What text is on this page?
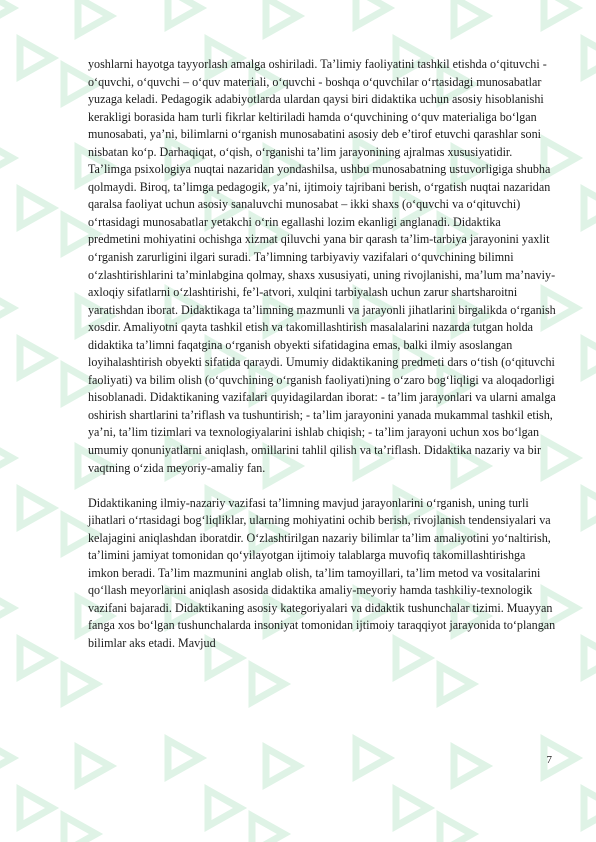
yoshlarni hayotga tayyorlash amalga oshiriladi. Ta’limiy faoliyatini tashkil etishda o‘qituvchi - o‘quvchi, o‘quvchi – o‘quv materiali, o‘quvchi - boshqa o‘quvchilar o‘rtasidagi munosabatlar yuzaga keladi. Pedagogik adabiyotlarda ulardan qaysi biri didaktika uchun asosiy hisoblanishi kerakligi borasida ham turli fikrlar keltiriladi hamda o‘quvchining o‘quv materialiga bo‘lgan munosabati, ya’ni, bilimlarni o‘rganish munosabatini asosiy deb e’tirof etuvchi qarashlar soni nisbatan ko‘p. Darhaqiqat, o‘qish, o‘rganishi ta’lim jarayonining ajralmas xususiyatidir. Ta’limga psixologiya nuqtai nazaridan yondashilsa, ushbu munosabatning ustuvorligiga shubha qolmaydi. Biroq, ta’limga pedagogik, ya’ni, ijtimoiy tajribani berish, o‘rgatish nuqtai nazaridan qaralsa faoliyat uchun asosiy sanaluvchi munosabat – ikki shaxs (o‘quvchi va o‘qituvchi) o‘rtasidagi munosabatlar yetakchi o‘rin egallashi lozim ekanligi anglanadi. Didaktika predmetini mohiyatini ochishga xizmat qiluvchi yana bir qarash ta’lim-tarbiya jarayonini yaxlit o‘rganish zarurligini ilgari suradi. Ta’limning tarbiyaviy vazifalari o‘quvchining bilimni o‘zlashtirishlarini ta’minlabgina qolmay, shaxs xususiyati, uning rivojlanishi, ma’lum ma’naviy-axloqiy sifatlarni o‘zlashtirishi, fe’l-atvori, xulqini tarbiyalash uchun zarur shartsharoitni yaratishdan iborat. Didaktikaga ta’limning mazmunli va jarayonli jihatlarini birgalikda o‘rganish xosdir. Amaliyotni qayta tashkil etish va takomillashtirish masalalarini nazarda tutgan holda didaktika ta’limni faqatgina o‘rganish obyekti sifatidagina emas, balki ilmiy asoslangan loyihalashtirish obyekti sifatida qaraydi. Umumiy didaktikaning predmeti dars o‘tish (o‘qituvchi faoliyati) va bilim olish (o‘quvchining o‘rganish faoliyati)ning o‘zaro bog‘liqligi va aloqadorligi hisoblanadi. Didaktikaning vazifalari quyidagilardan iborat: - ta’lim jarayonlari va ularni amalga oshirish shartlarini ta’riflash va tushuntirish; - ta’lim jarayonini yanada mukammal tashkil etish, ya’ni, ta’lim tizimlari va texnologiyalarini ishlab chiqish; - ta’lim jarayoni uchun xos bo‘lgan umumiy qonuniyatlarni aniqlash, omillarini tahlil qilish va ta’riflash. Didaktika nazariy va bir vaqtning o‘zida meyoriy-amaliy fan.

Didaktikaning ilmiy-nazariy vazifasi ta’limning mavjud jarayonlarini o‘rganish, uning turli jihatlari o‘rtasidagi bog‘liqliklar, ularning mohiyatini ochib berish, rivojlanish tendensiyalari va kelajagini aniqlashdan iboratdir. O‘zlashtirilgan nazariy bilimlar ta’lim amaliyotini yo‘naltirish, ta’limini jamiyat tomonidan qo‘yilayotgan ijtimoiy talablarga muvofiq takomillashtirishga imkon beradi. Ta’lim mazmunini anglab olish, ta’lim tamoyillari, ta’lim metod va vositalarini qo‘llash meyorlarini aniqlash asosida didaktika amaliy-meyoriy hamda tashkiliy-texnologik vazifani bajaradi. Didaktikaning asosiy kategoriyalari va didaktik tushunchalar tizimi. Muayyan fanga xos bo‘lgan tushunchalarda insoniyat tomonidan ijtimoiy taraqqiyot jarayonida to‘plangan bilimlar aks etadi. Mavjud

7
